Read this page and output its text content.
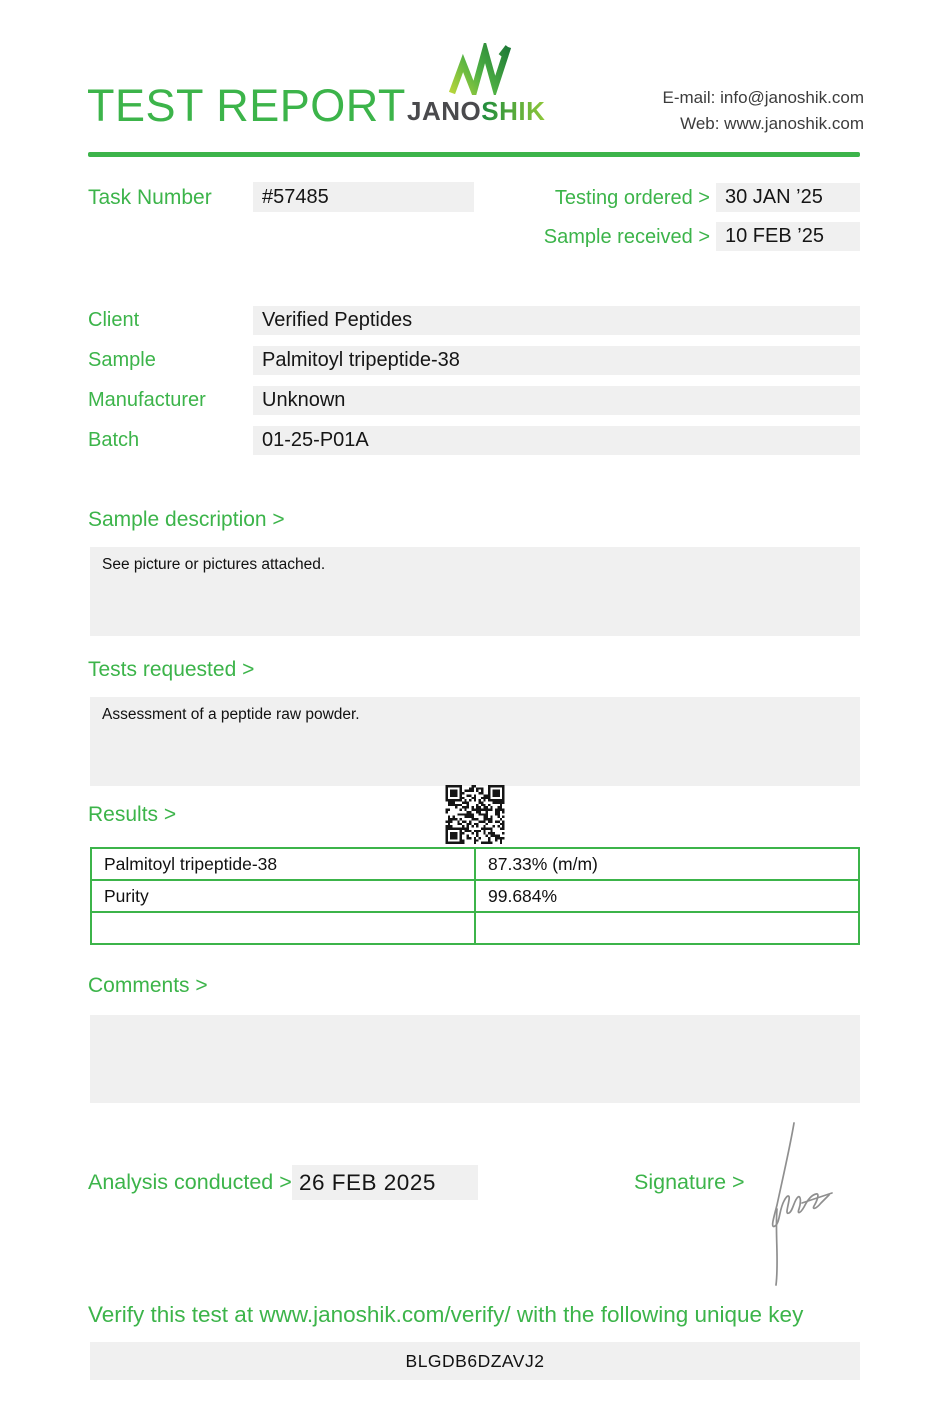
TEST REPORT JANOSHIK	E-mail: info@janoshik.com
Web: www.janoshik.com
Task Number	#57485	Testing ordered > 30 JAN ’25
Sample received > 10 FEB ’25
Client	Verified Peptides
Sample	Palmitoyl tripeptide-38
Manufacturer	Unknown
Batch	01-25-P01A
Sample description >
See picture or pictures attached.
Tests requested >
Assessment of a peptide raw powder.
Results >
Palmitoyl tripeptide-38	87.33% (m/m)
Purity	99.684%

Comments >
Analysis conducted > 26 FEB 2025	Signature >
Verify this test at www.janoshik.com/verify/ with the following unique key
BLGDB6DZAVJ2
